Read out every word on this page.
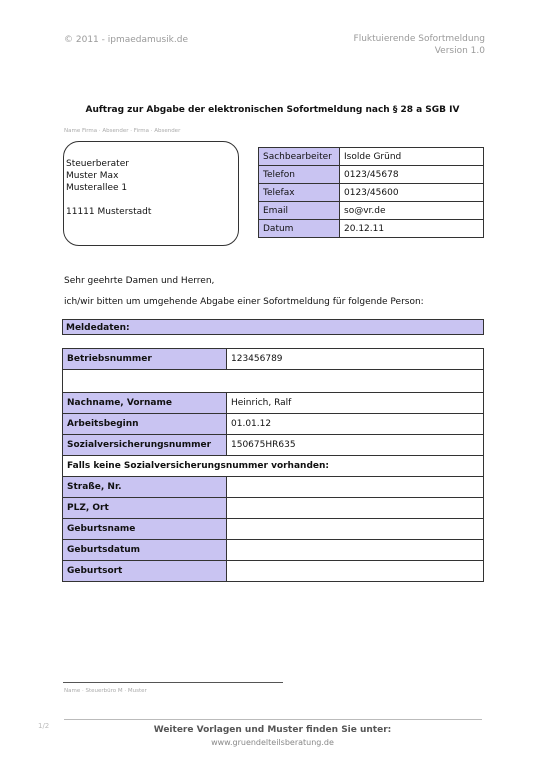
© 2011 - ipmaedamusik.de	Fluktuierende Sofortmeldung
Version 1.0
Auftrag zur Abgabe der elektronischen Sofortmeldung nach § 28 a SGB IV
Name Firma · Absender · Firma · Absender
Steuerberater
Muster Max
Musterallee 1
11111 Musterstadt
Sachbearbeiter	Isolde Gründ
Telefon	0123/45678
Telefax	0123/45600
Email	so@vr.de
Datum	20.12.11
Sehr geehrte Damen und Herren,
ich/wir bitten um umgehende Abgabe einer Sofortmeldung für folgende Person:
Meldedaten:
Betriebsnummer	123456789

Nachname, Vorname	Heinrich, Ralf
Arbeitsbeginn	01.01.12
Sozialversicherungsnummer	150675HR635
Falls keine Sozialversicherungsnummer vorhanden:	
Straße, Nr.	
PLZ, Ort	
Geburtsname	
Geburtsdatum	
Geburtsort	
Name · Steuerbüro M · Muster
1/2	Weitere Vorlagen und Muster finden Sie unter:
www.gruendelteilsberatung.de
